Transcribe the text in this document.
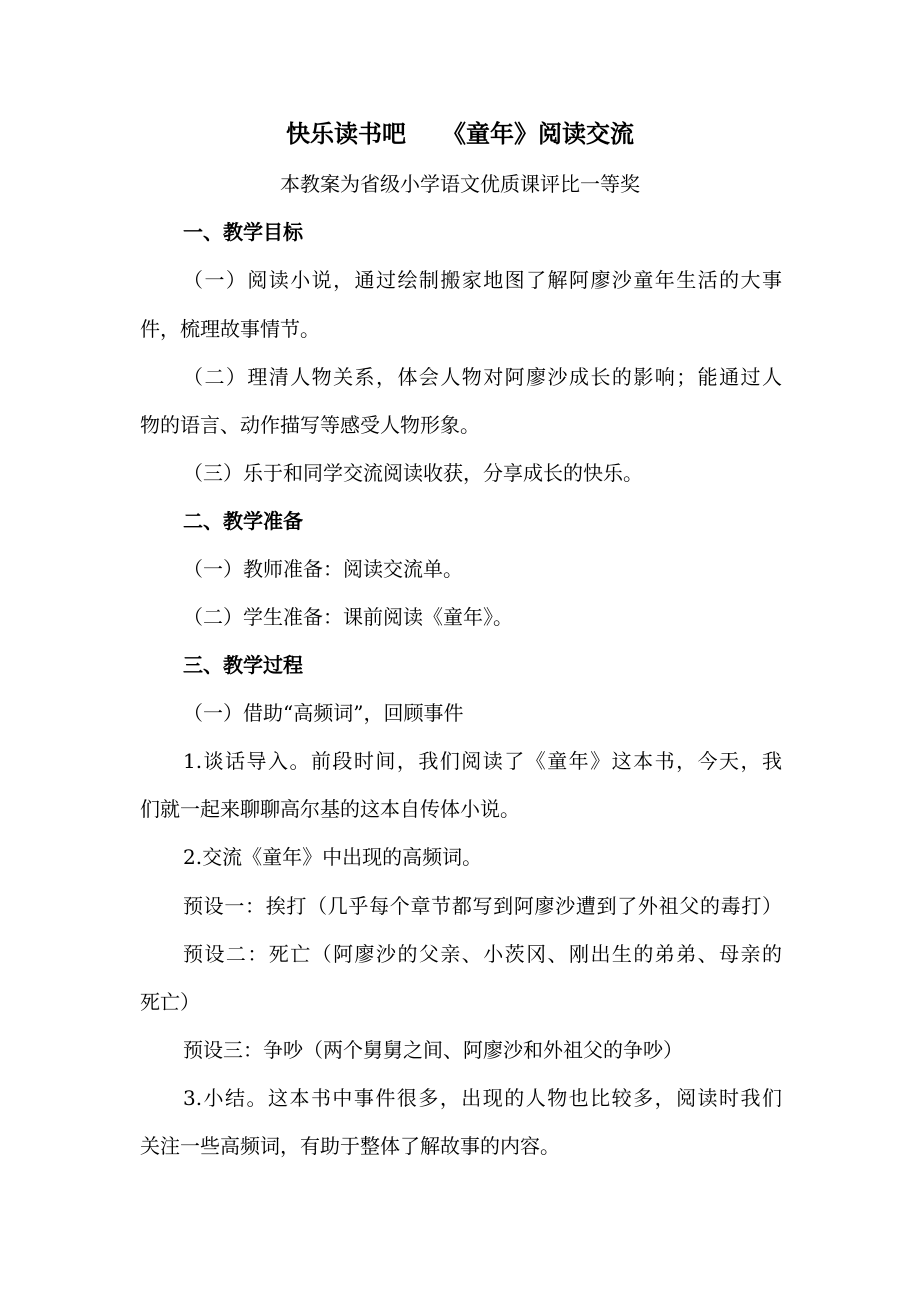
快乐读书吧　　《童年》阅读交流
本教案为省级小学语文优质课评比一等奖
一、教学目标
（一）阅读小说，通过绘制搬家地图了解阿廖沙童年生活的大事
件，梳理故事情节。
（二）理清人物关系，体会人物对阿廖沙成长的影响；能通过人
物的语言、动作描写等感受人物形象。
（三）乐于和同学交流阅读收获，分享成长的快乐。
二、教学准备
（一）教师准备：阅读交流单。
（二）学生准备：课前阅读《童年》。
三、教学过程
（一）借助“高频词”，回顾事件
1.谈话导入。前段时间，我们阅读了《童年》这本书，今天，我
们就一起来聊聊高尔基的这本自传体小说。
2.交流《童年》中出现的高频词。
预设一：挨打（几乎每个章节都写到阿廖沙遭到了外祖父的毒打）
预设二：死亡（阿廖沙的父亲、小茨冈、刚出生的弟弟、母亲的
死亡）
预设三：争吵（两个舅舅之间、阿廖沙和外祖父的争吵）
3.小结。这本书中事件很多，出现的人物也比较多，阅读时我们
关注一些高频词，有助于整体了解故事的内容。
